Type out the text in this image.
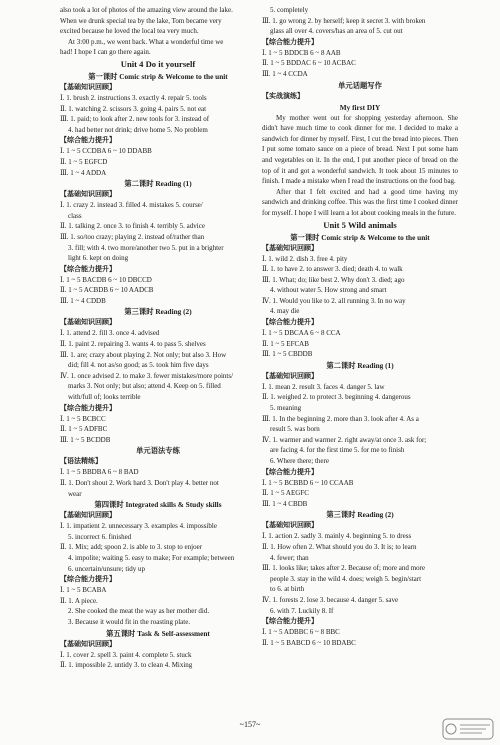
also took a lot of photos of the amazing view around the lake.
When we drunk special tea by the lake, Tom became very
excited because he loved the local tea very much.
At 3:00 p.m., we went back. What a wonderful time we
had! I hope I can go there again.
Unit 4 Do it yourself
第一课时 Comic strip & Welcome to the unit
【基础知识回顾】
Ⅰ. 1. brush 2. instructions 3. exactly 4. repair 5. tools
Ⅱ. 1. watching 2. scissors 3. going 4. pairs 5. not eat
Ⅲ. 1. paid; to look after 2. new tools for 3. instead of
4. had better not drink; drive home 5. No problem
【综合能力提升】
Ⅰ. 1 ~ 5 CCDBA 6 ~ 10 DDABB
Ⅱ. 1 ~ 5 EGFCD
Ⅲ. 1 ~ 4 ADDA
第二课时 Reading (1)
【基础知识回顾】
Ⅰ. 1. crazy 2. instead 3. filled 4. mistakes 5. course/
class
Ⅱ. 1. talking 2. once 3. to finish 4. terribly 5. advice
Ⅲ. 1. so/too crazy; playing 2. instead of/rather than
3. fill; with 4. two more/another two 5. put in a brighter
light 6. kept on doing
【综合能力提升】
Ⅰ. 1 ~ 5 BACDB 6 ~ 10 DBCCD
Ⅱ. 1 ~ 5 ACBDB 6 ~ 10 AADCB
Ⅲ. 1 ~ 4 CDDB
第三课时 Reading (2)
【基础知识回顾】
Ⅰ. 1. attend 2. fill 3. once 4. advised
Ⅱ. 1. paint 2. repairing 3. wants 4. to pass 5. shelves
Ⅲ. 1. are; crazy about playing 2. Not only; but also 3. How
did; fill 4. not as/so good; as 5. took him five days
Ⅳ. 1. once advised 2. to make 3. fewer mistakes/more points/
marks 3. Not only; but also; attend 4. Keep on 5. filled
with/full of; looks terrible
【综合能力提升】
Ⅰ. 1 ~ 5 BCBCC
Ⅱ. 1 ~ 5 ADFBC
Ⅲ. 1 ~ 5 BCDDB
单元语法专练
【语法精练】
Ⅰ. 1 ~ 5 BBDBA 6 ~ 8 BAD
Ⅱ. 1. Don't shout 2. Work hard 3. Don't play 4. better not
wear
第四课时 Integrated skills & Study skills
【基础知识回顾】
Ⅰ. 1. impatient 2. unnecessary 3. examples 4. impossible
5. incorrect 6. finished
Ⅱ. 1. Mix; add; spoon 2. is able to 3. stop to enjoer
4. impolite; waiting 5. easy to make; For example; between
6. uncertain/unsure; tidy up
【综合能力提升】
Ⅰ. 1 ~ 5 BCABA
Ⅱ. 1. A piece.
2. She cooked the meat the way as her mother did.
3. Because it would fit in the roasting plate.
第五课时 Task & Self-assessment
【基础知识回顾】
Ⅰ. 1. cover 2. spell 3. paint 4. complete 5. stuck
Ⅱ. 1. impossible 2. untidy 3. to clean 4. Mixing
5. completely
Ⅲ. 1. go wrong 2. by herself; keep it secret 3. with broken
glass all over 4. covers/has an area of 5. cut out
【综合能力提升】
Ⅰ. 1 ~ 5 BDDCB 6 ~ 8 AAB
Ⅱ. 1 ~ 5 BDDAC 6 ~ 10 ACBAC
Ⅲ. 1 ~ 4 CCDA
单元话题写作
【实战演练】
My first DIY
My mother went out for shopping yesterday afternoon. She didn't have much time to cook dinner for me. I decided to make a sandwich for dinner by myself. First, I cut the bread into pieces. Then I put some tomato sauce on a piece of bread. Next I put some ham and vegetables on it. In the end, I put another piece of bread on the top of it and got a wonderful sandwich. It took about 15 minutes to finish. I made a mistake when I read the instructions on the food bag.
After that I felt excited and had a good time having my sandwich and drinking coffee. This was the first time I cooked dinner for myself. I hope I will learn a lot about cooking meals in the future.
Unit 5 Wild animals
第一课时 Comic strip & Welcome to the unit
【基础知识回顾】
Ⅰ. 1. wild 2. dish 3. free 4. pity
Ⅱ. 1. to have 2. to answer 3. died; death 4. to walk
Ⅲ. 1. What; do; like best 2. Why don't 3. died; ago
4. without water 5. How strong and smart
Ⅳ. 1. Would you like to 2. all running 3. In no way
4. may die
【综合能力提升】
Ⅰ. 1 ~ 5 DBCAA 6 ~ 8 CCA
Ⅱ. 1 ~ 5 EFCAB
Ⅲ. 1 ~ 5 CBDDB
第二课时 Reading (1)
【基础知识回顾】
Ⅰ. 1. mean 2. result 3. faces 4. danger 5. law
Ⅱ. 1. weighed 2. to protect 3. beginning 4. dangerous
5. meaning
Ⅲ. 1. In the beginning 2. more than 3. look after 4. As a
result 5. was born
Ⅳ. 1. warmer and warmer 2. right away/at once 3. ask for;
are facing 4. for the first time 5. for me to finish
6. Where there; there
【综合能力提升】
Ⅰ. 1 ~ 5 BCBBD 6 ~ 10 CCAAB
Ⅱ. 1 ~ 5 AEGFC
Ⅲ. 1 ~ 4 CBDB
第三课时 Reading (2)
【基础知识回顾】
Ⅰ. 1. action 2. sadly 3. mainly 4. beginning 5. to dress
Ⅱ. 1. How often 2. What should you do 3. It is; to learn
4. fewer; than
Ⅲ. 1. looks like; takes after 2. Because of; more and more
people 3. stay in the wild 4. does; weigh 5. begin/start
to 6. at birth
Ⅳ. 1. forests 2. lose 3. because 4. danger 5. save
6. with 7. Luckily 8. If
【综合能力提升】
Ⅰ. 1 ~ 5 ADBBC 6 ~ 8 BBC
Ⅱ. 1 ~ 5 BABCD 6 ~ 10 BDABC
~157~
